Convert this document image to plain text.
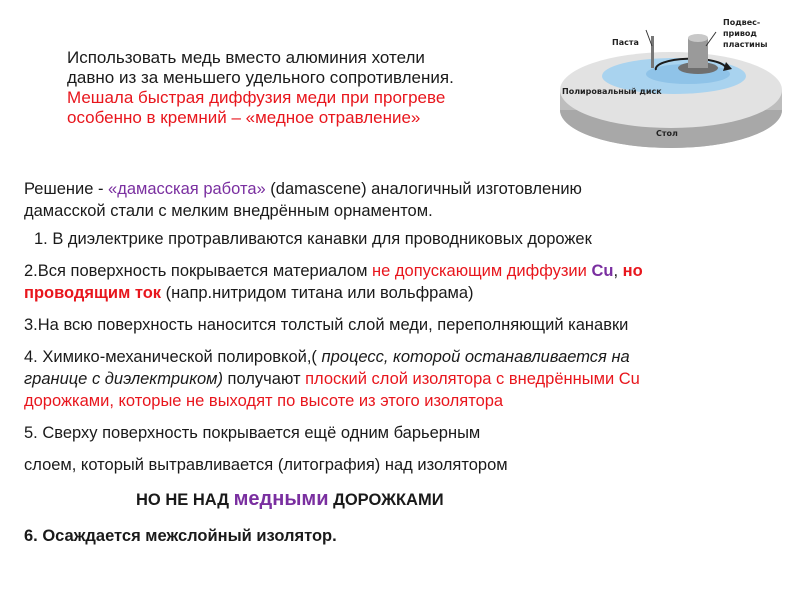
Использовать медь вместо алюминия хотели
давно из за меньшего удельного сопротивления.
Мешала быстрая диффузия меди при прогреве
особенно в кремний – «медное отравление»
Паста
Подвес-
привод
пластины
Полировальный диск
Стол

Решение - «дамасская работа» (damascene) аналогичный изготовлению
дамасской стали с мелким внедрённым орнаментом.

1. В диэлектрике протравливаются канавки для проводниковых дорожек

2.Вся поверхность покрывается материалом не допускающим диффузии Cu, но
проводящим ток (напр.нитридом титана или вольфрама)

3.На всю поверхность наносится толстый слой меди, переполняющий канавки

4. Химико-механической полировкой,( процесс, которой останавливается на
границе с диэлектриком) получают плоский слой изолятора с внедрёнными Cu
дорожками, которые не выходят по высоте из этого изолятора

5. Сверху поверхность покрывается ещё одним барьерным

слоем, который вытравливается (литография) над изолятором

НО НЕ НАД медными ДОРОЖКАМИ

6. Осаждается межслойный изолятор.
